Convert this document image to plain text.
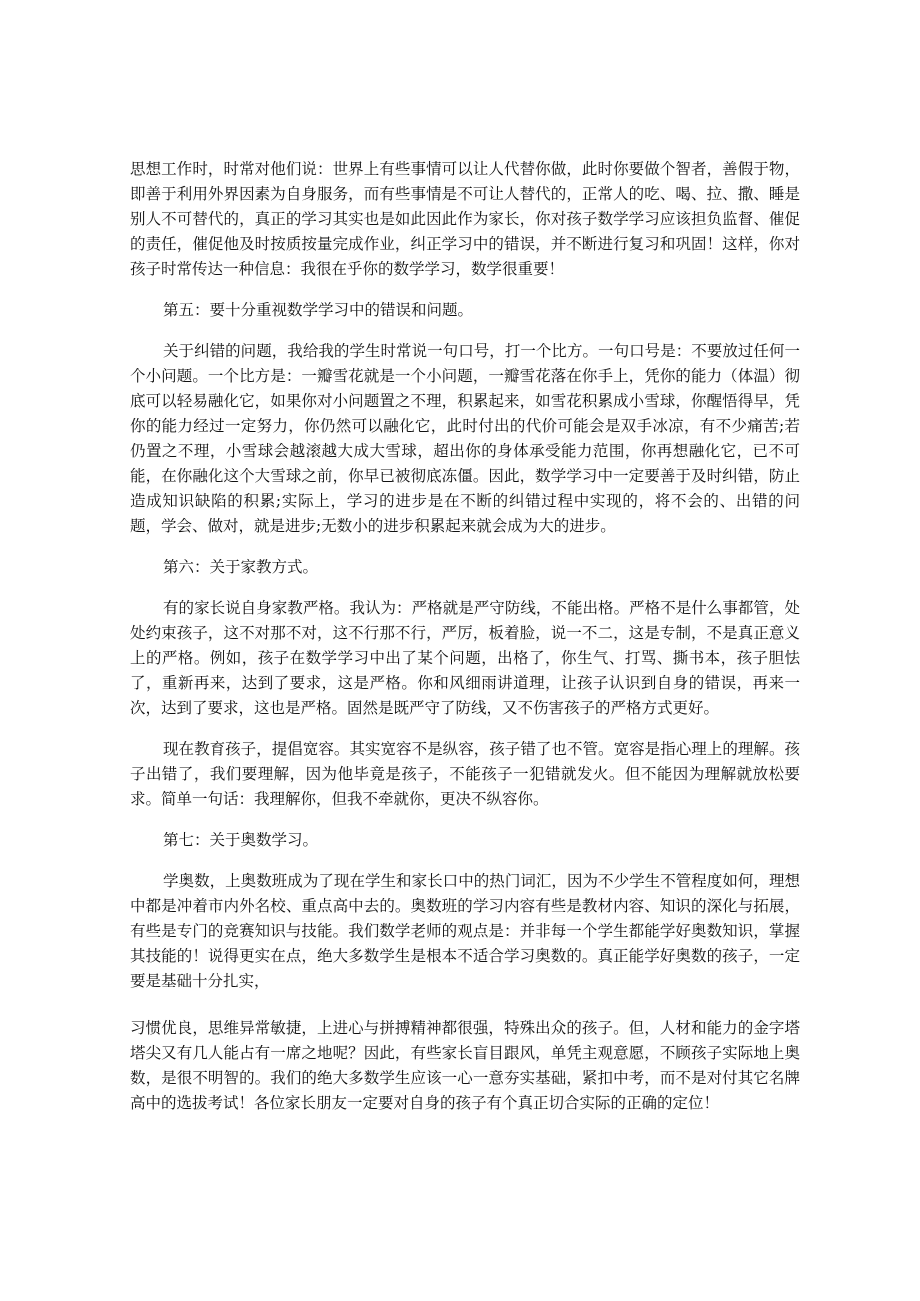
思想工作时，时常对他们说：世界上有些事情可以让人代替你做，此时你要做个智者，善假于物，即善于利用外界因素为自身服务，而有些事情是不可让人替代的，正常人的吃、喝、拉、撒、睡是别人不可替代的，真正的学习其实也是如此因此作为家长，你对孩子数学学习应该担负监督、催促的责任，催促他及时按质按量完成作业，纠正学习中的错误，并不断进行复习和巩固！这样，你对孩子时常传达一种信息：我很在乎你的数学学习，数学很重要！

第五：要十分重视数学学习中的错误和问题。

关于纠错的问题，我给我的学生时常说一句口号，打一个比方。一句口号是：不要放过任何一个小问题。一个比方是：一瓣雪花就是一个小问题，一瓣雪花落在你手上，凭你的能力（体温）彻底可以轻易融化它，如果你对小问题置之不理，积累起来，如雪花积累成小雪球，你醒悟得早，凭你的能力经过一定努力，你仍然可以融化它，此时付出的代价可能会是双手冰凉，有不少痛苦;若仍置之不理，小雪球会越滚越大成大雪球，超出你的身体承受能力范围，你再想融化它，已不可能，在你融化这个大雪球之前，你早已被彻底冻僵。因此，数学学习中一定要善于及时纠错，防止造成知识缺陷的积累;实际上，学习的进步是在不断的纠错过程中实现的，将不会的、出错的问题，学会、做对，就是进步;无数小的进步积累起来就会成为大的进步。

第六：关于家教方式。

有的家长说自身家教严格。我认为：严格就是严守防线，不能出格。严格不是什么事都管，处处约束孩子，这不对那不对，这不行那不行，严厉，板着脸，说一不二，这是专制，不是真正意义上的严格。例如，孩子在数学学习中出了某个问题，出格了，你生气、打骂、撕书本，孩子胆怯了，重新再来，达到了要求，这是严格。你和风细雨讲道理，让孩子认识到自身的错误，再来一次，达到了要求，这也是严格。固然是既严守了防线，又不伤害孩子的严格方式更好。

现在教育孩子，提倡宽容。其实宽容不是纵容，孩子错了也不管。宽容是指心理上的理解。孩子出错了，我们要理解，因为他毕竟是孩子，不能孩子一犯错就发火。但不能因为理解就放松要求。简单一句话：我理解你，但我不牵就你，更决不纵容你。

第七：关于奥数学习。

学奥数，上奥数班成为了现在学生和家长口中的热门词汇，因为不少学生不管程度如何，理想中都是冲着市内外名校、重点高中去的。奥数班的学习内容有些是教材内容、知识的深化与拓展，有些是专门的竞赛知识与技能。我们数学老师的观点是：并非每一个学生都能学好奥数知识，掌握其技能的！说得更实在点，绝大多数学生是根本不适合学习奥数的。真正能学好奥数的孩子，一定要是基础十分扎实，

习惯优良，思维异常敏捷，上进心与拼搏精神都很强，特殊出众的孩子。但，人材和能力的金字塔塔尖又有几人能占有一席之地呢？因此，有些家长盲目跟风，单凭主观意愿，不顾孩子实际地上奥数，是很不明智的。我们的绝大多数学生应该一心一意夯实基础，紧扣中考，而不是对付其它名牌高中的选拔考试！各位家长朋友一定要对自身的孩子有个真正切合实际的正确的定位！
